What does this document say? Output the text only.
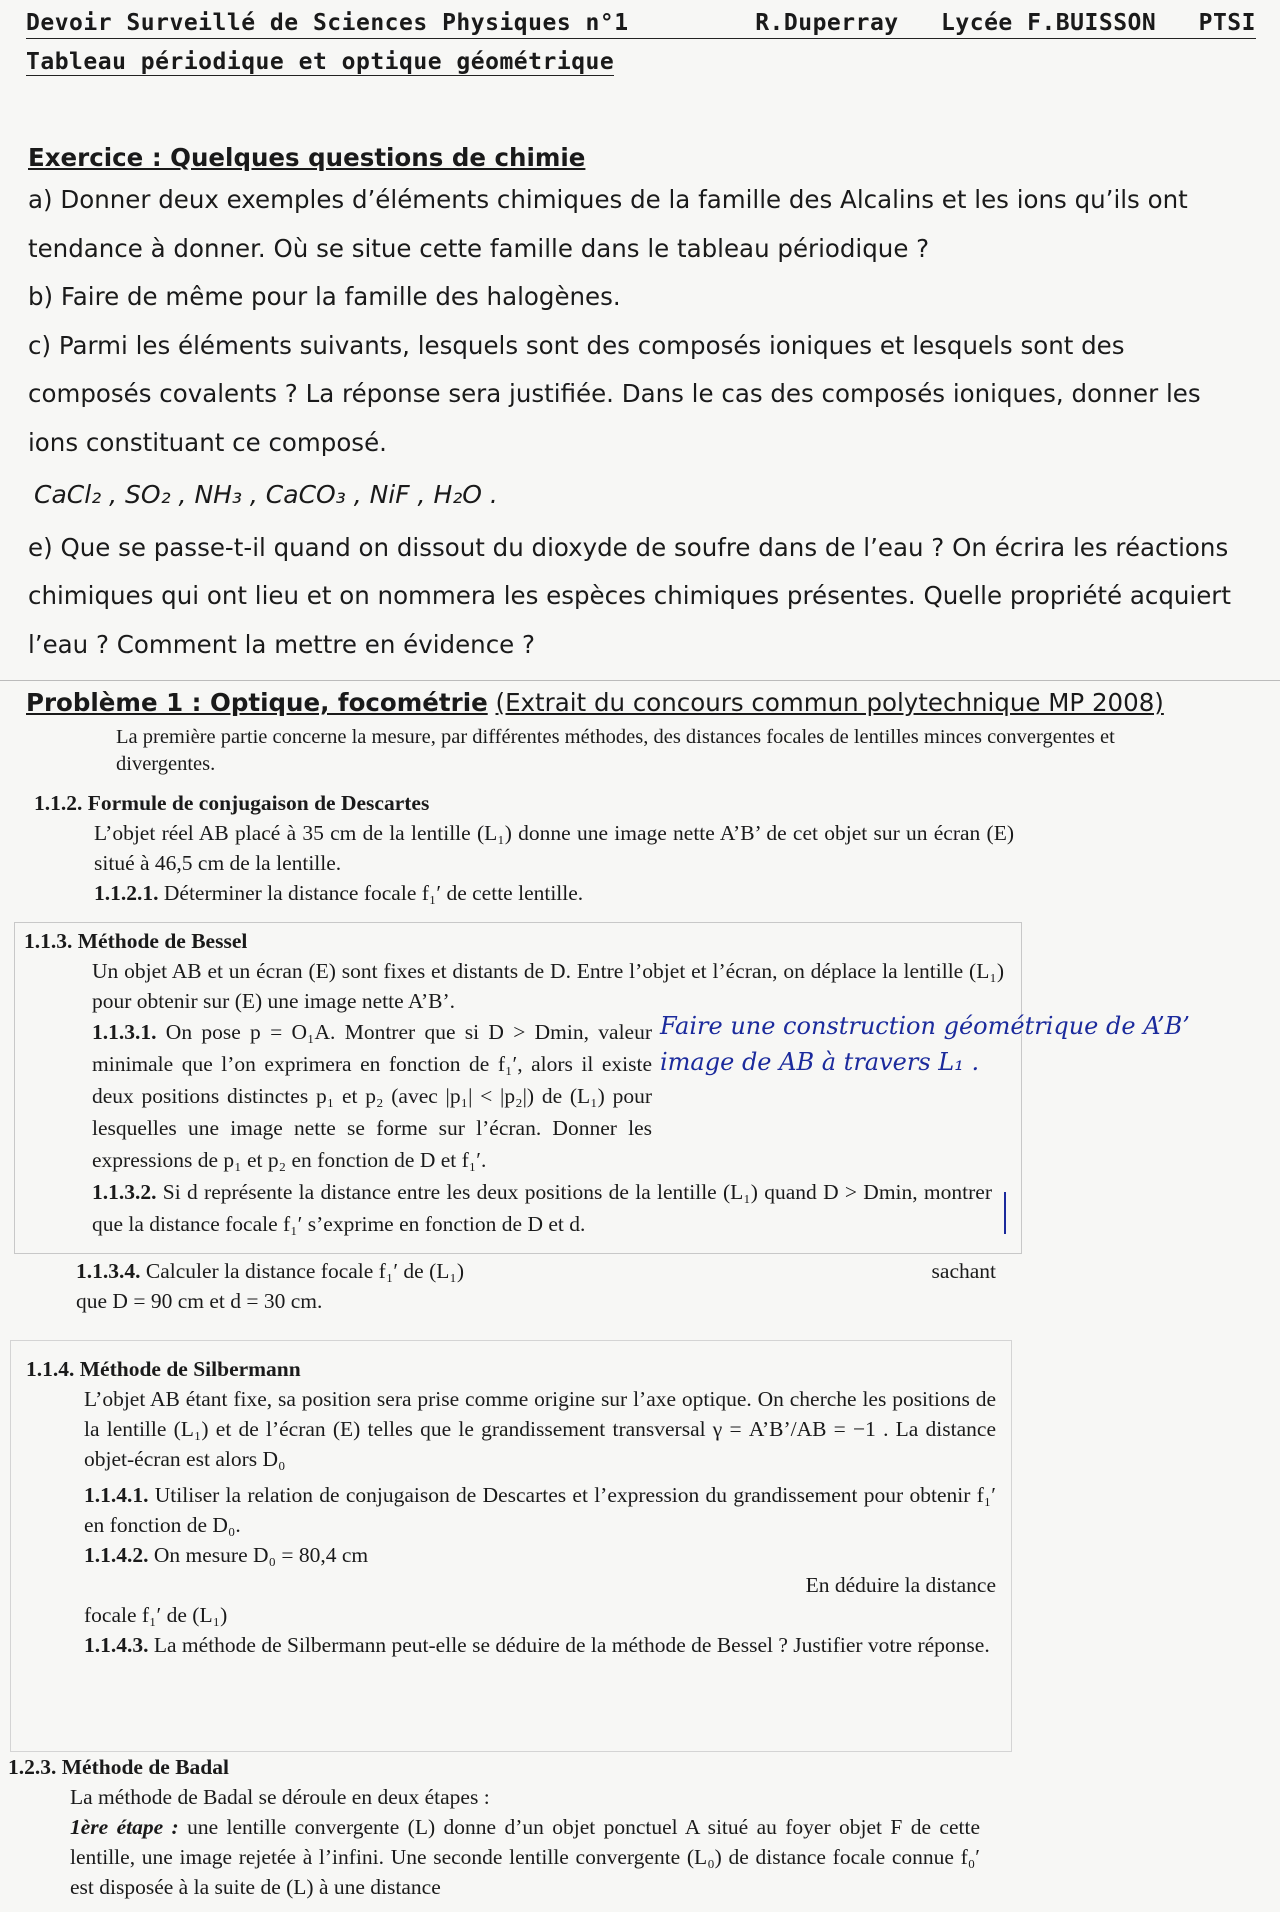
Devoir Surveillé de Sciences Physiques n°1	R.Duperray Lycée F.BUISSON PTSI
Tableau périodique et optique géométrique
Exercice : Quelques questions de chimie

a) Donner deux exemples d’éléments chimiques de la famille des Alcalins et les ions qu’ils ont tendance à donner. Où se situe cette famille dans le tableau périodique ?

b) Faire de même pour la famille des halogènes.

c) Parmi les éléments suivants, lesquels sont des composés ioniques et lesquels sont des composés covalents ? La réponse sera justifiée. Dans le cas des composés ioniques, donner les ions constituant ce composé.

CaCl₂ , SO₂ , NH₃ , CaCO₃ , NiF , H₂O .

e) Que se passe-t-il quand on dissout du dioxyde de soufre dans de l’eau ? On écrira les réactions chimiques qui ont lieu et on nommera les espèces chimiques présentes. Quelle propriété acquiert l’eau ? Comment la mettre en évidence ?

Problème 1 : Optique, focométrie (Extrait du concours commun polytechnique MP 2008)
La première partie concerne la mesure, par différentes méthodes, des distances focales de lentilles minces convergentes et divergentes.
1.1.2. Formule de conjugaison de Descartes
L’objet réel AB placé à 35 cm de la lentille (L₁) donne une image nette A’B’ de cet objet sur un écran (E) situé à 46,5 cm de la lentille.
1.1.2.1. Déterminer la distance focale f₁′ de cette lentille.
1.1.3. Méthode de Bessel
Un objet AB et un écran (E) sont fixes et distants de D. Entre l’objet et l’écran, on déplace la lentille (L₁) pour obtenir sur (E) une image nette A’B’.
1.1.3.1. On pose p = O₁A. Montrer que si D > Dmin, valeur minimale que l’on exprimera en fonction de f₁′, alors il existe deux positions distinctes p₁ et p₂ (avec |p₁| < |p₂|) de (L₁) pour lesquelles une image nette se forme sur l’écran. Donner les expressions de p₁ et p₂ en fonction de D et f₁′.
1.1.3.2. Si d représente la distance entre les deux positions de la lentille (L₁) quand D > Dmin, montrer que la distance focale f₁′ s’exprime en fonction de D et d.
Faire une construction géométrique de A’B’ image de AB à travers L₁ .
1.1.3.4. Calculer la distance focale f₁′ de (L₁)	sachant
que D = 90 cm et d = 30 cm.
1.1.4. Méthode de Silbermann
L’objet AB étant fixe, sa position sera prise comme origine sur l’axe optique. On cherche les positions de la lentille (L₁) et de l’écran (E) telles que le grandissement transversal γ = A’B’/AB = −1 . La distance objet-écran est alors D₀
1.1.4.1. Utiliser la relation de conjugaison de Descartes et l’expression du grandissement pour obtenir f₁′ en fonction de D₀.
1.1.4.2. On mesure D₀ = 80,4 cm
En déduire la distance
focale f₁′ de (L₁)
1.1.4.3. La méthode de Silbermann peut-elle se déduire de la méthode de Bessel ? Justifier votre réponse.
1.2.3. Méthode de Badal
La méthode de Badal se déroule en deux étapes :
1ère étape : une lentille convergente (L) donne d’un objet ponctuel A situé au foyer objet F de cette lentille, une image rejetée à l’infini. Une seconde lentille convergente (L₀) de distance focale connue f₀′ est disposée à la suite de (L) à une distance
